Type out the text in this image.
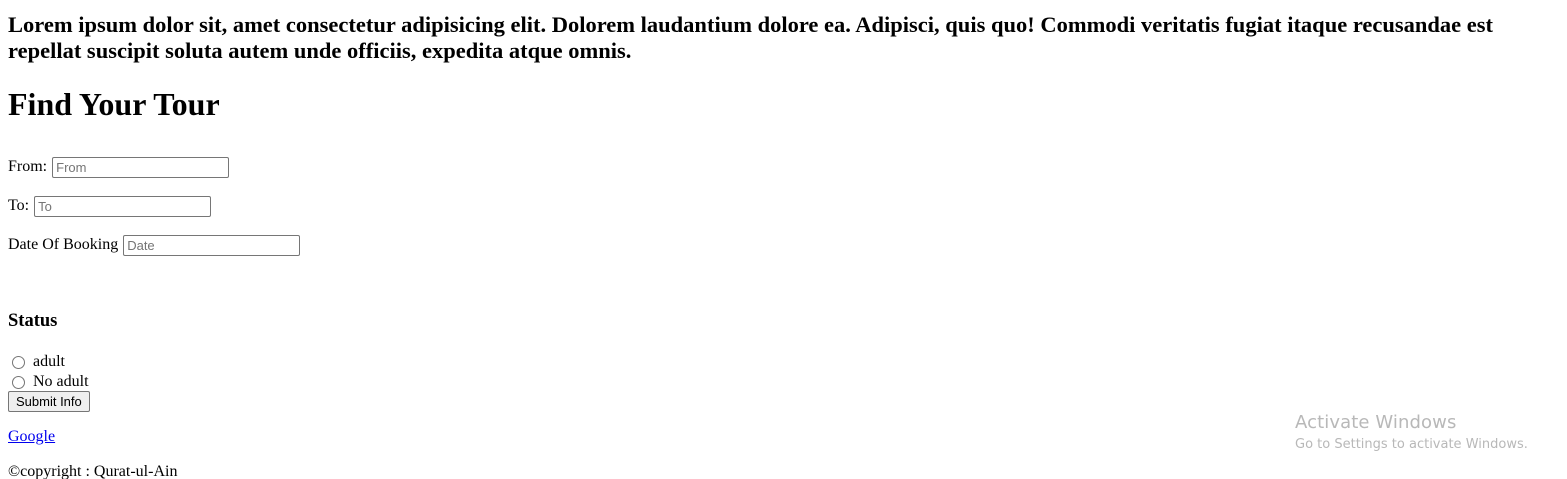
Lorem ipsum dolor sit, amet consectetur adipisicing elit. Dolorem laudantium dolore ea. Adipisci, quis quo! Commodi veritatis fugiat itaque recusandae est repellat suscipit soluta autem unde officiis, expedita atque omnis.
Find Your Tour

From: From

To: To

Date Of Booking Date

Status
adult
No adult
Submit Info
Google

©copyright : Qurat-ul-Ain

Activate Windows
Go to Settings to activate Windows.
